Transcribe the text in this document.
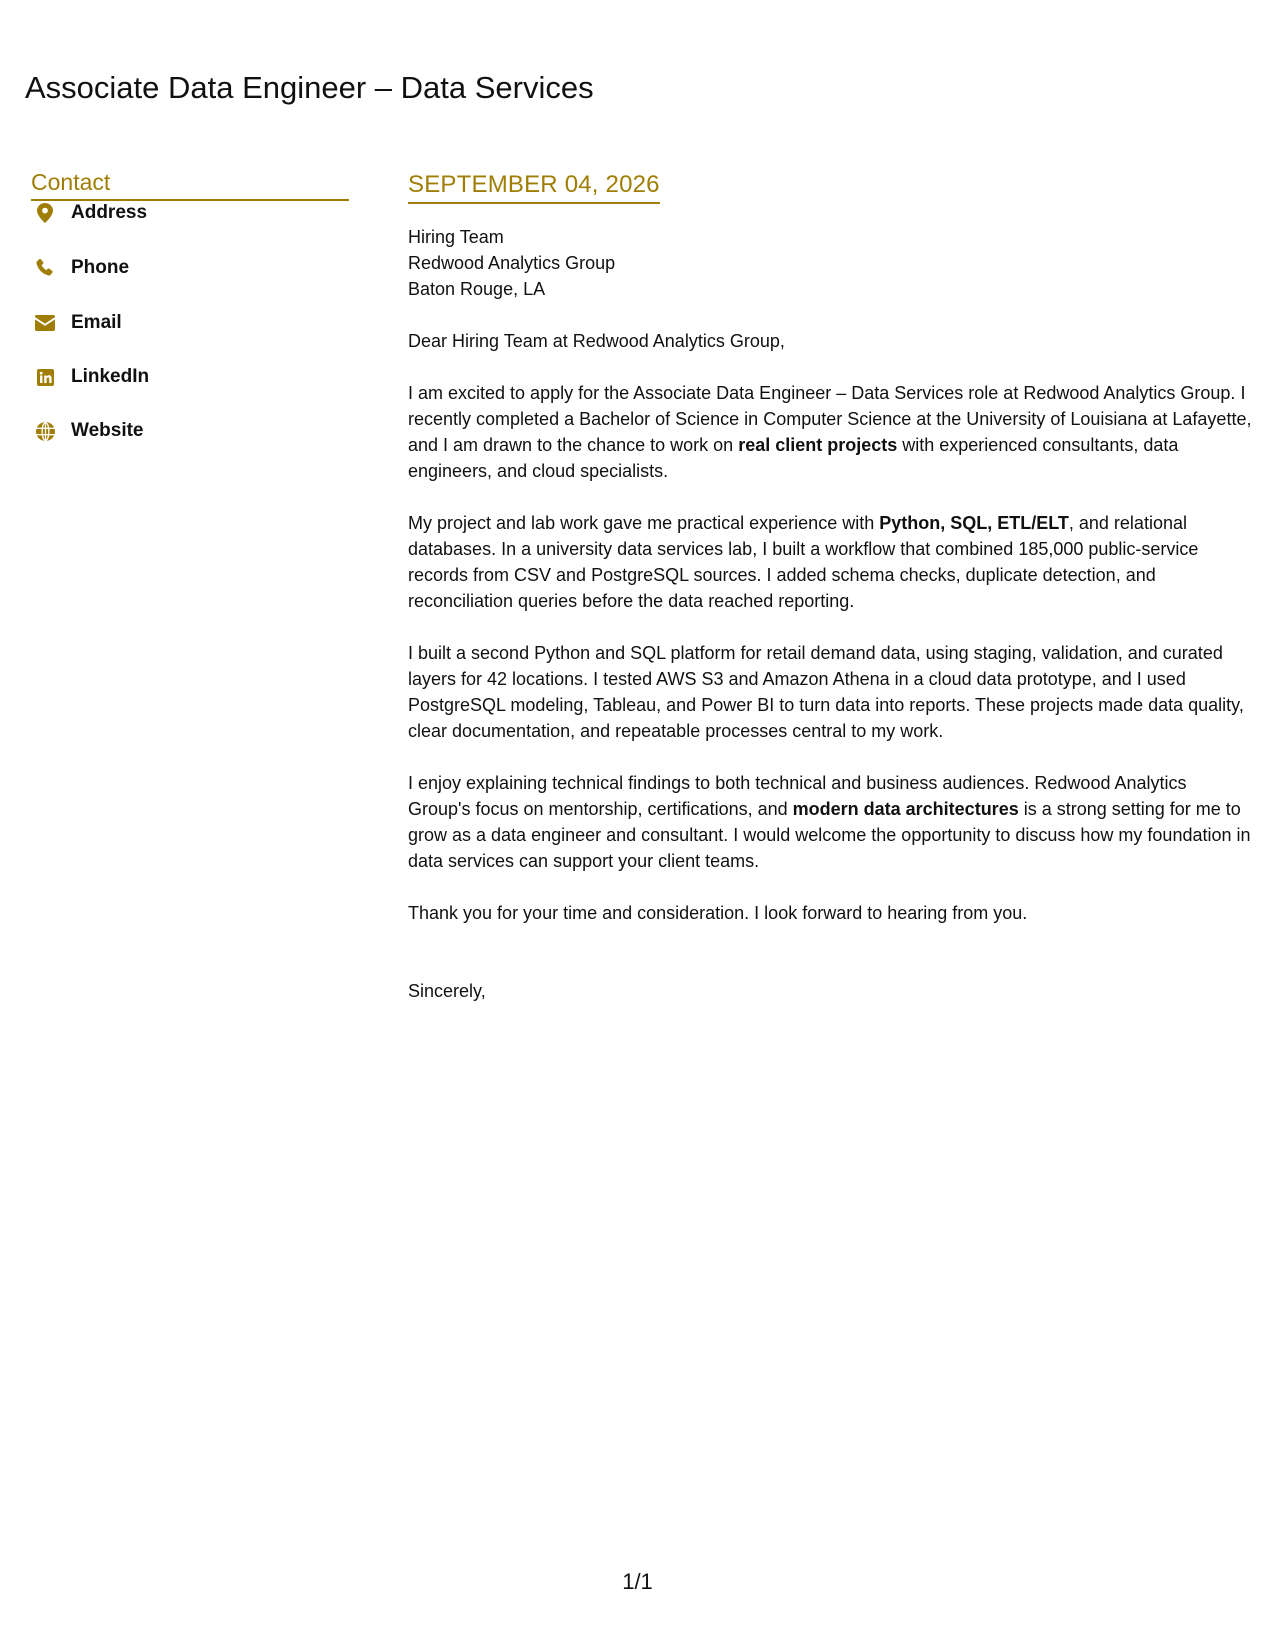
Associate Data Engineer – Data Services
Contact
Address
Phone
Email
LinkedIn
Website
SEPTEMBER 04, 2026
Hiring Team
Redwood Analytics Group
Baton Rouge, LA

Dear Hiring Team at Redwood Analytics Group,

I am excited to apply for the Associate Data Engineer – Data Services role at Redwood Analytics Group. I recently completed a Bachelor of Science in Computer Science at the University of Louisiana at Lafayette, and I am drawn to the chance to work on real client projects with experienced consultants, data engineers, and cloud specialists.

My project and lab work gave me practical experience with Python, SQL, ETL/ELT, and relational databases. In a university data services lab, I built a workflow that combined 185,000 public-service records from CSV and PostgreSQL sources. I added schema checks, duplicate detection, and reconciliation queries before the data reached reporting.

I built a second Python and SQL platform for retail demand data, using staging, validation, and curated layers for 42 locations. I tested AWS S3 and Amazon Athena in a cloud data prototype, and I used PostgreSQL modeling, Tableau, and Power BI to turn data into reports. These projects made data quality, clear documentation, and repeatable processes central to my work.

I enjoy explaining technical findings to both technical and business audiences. Redwood Analytics Group's focus on mentorship, certifications, and modern data architectures is a strong setting for me to grow as a data engineer and consultant. I would welcome the opportunity to discuss how my foundation in data services can support your client teams.

Thank you for your time and consideration. I look forward to hearing from you.

Sincerely,

1/1
